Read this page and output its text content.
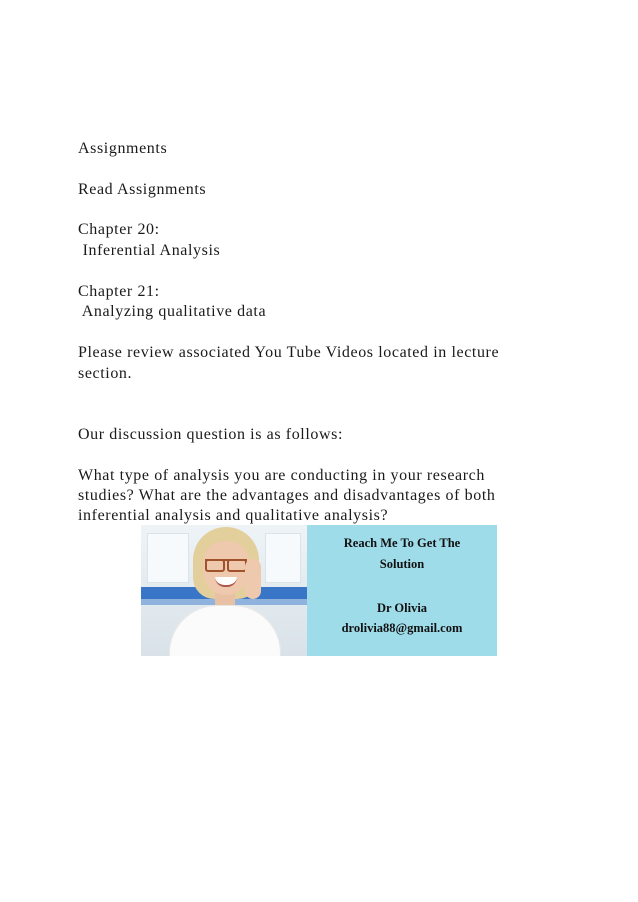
Assignments
Read Assignments
Chapter 20:
Inferential Analysis
Chapter 21:
Analyzing qualitative data
Please review associated You Tube Videos located in lecture
section.
Our discussion question is as follows:
What type of analysis you are conducting in your research
studies? What are the advantages and disadvantages of both
inferential analysis and qualitative analysis?
Reach Me To Get The
Solution
Dr Olivia
drolivia88@gmail.com
